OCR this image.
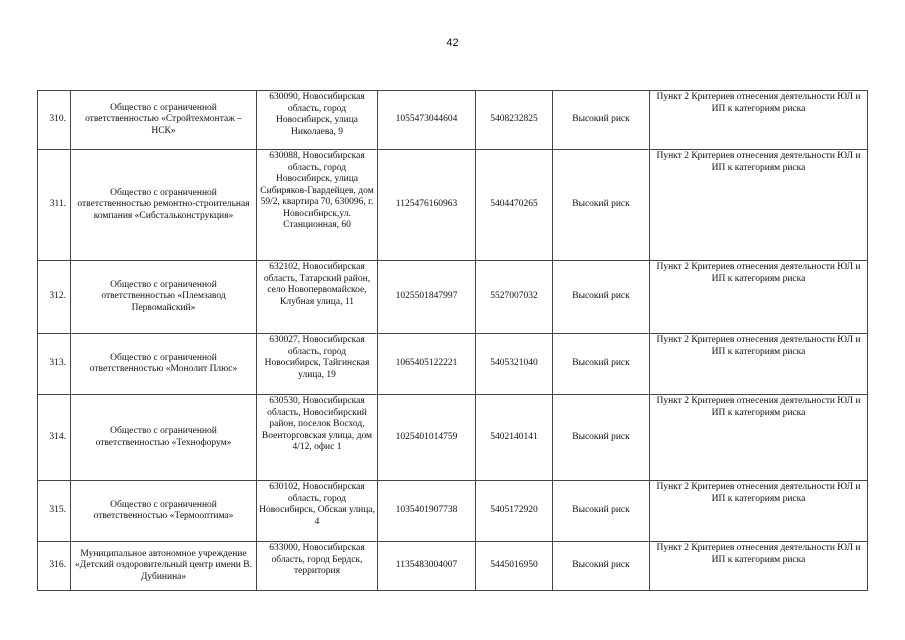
42
310.	Общество с ограниченной ответственностью «Стройтехмонтаж – НСК»	630090, Новосибирская область, город Новосибирск, улица Николаева, 9	1055473044604	5408232825	Высокий риск	Пункт 2 Критериев отнесения деятельности ЮЛ и ИП к категориям риска
311.	Общество с ограниченной ответственностью ремонтно-строительная компания «Сибстальконструкция»	630088, Новосибирская область, город Новосибирск, улица Сибиряков-Гвардейцев, дом 59/2, квартира 70, 630096, г. Новосибирск,ул. Станционная, 60	1125476160963	5404470265	Высокий риск	Пункт 2 Критериев отнесения деятельности ЮЛ и ИП к категориям риска
312.	Общество с ограниченной ответственностью «Племзавод Первомайский»	632102, Новосибирская область, Татарский район, село Новопервомайское, Клубная улица, 11	1025501847997	5527007032	Высокий риск	Пункт 2 Критериев отнесения деятельности ЮЛ и ИП к категориям риска
313.	Общество с ограниченной ответственностью «Монолит Плюс»	630027, Новосибирская область, город Новосибирск, Тайгинская улица, 19	1065405122221	5405321040	Высокий риск	Пункт 2 Критериев отнесения деятельности ЮЛ и ИП к категориям риска
314.	Общество с ограниченной ответственностью «Технофорум»	630530, Новосибирская область, Новосибирский район, поселок Восход, Военторговская улица, дом 4/12, офис 1	1025401014759	5402140141	Высокий риск	Пункт 2 Критериев отнесения деятельности ЮЛ и ИП к категориям риска
315.	Общество с ограниченной ответственностью «Термооптима»	630102, Новосибирская область, город Новосибирск, Обская улица, 4	1035401907738	5405172920	Высокий риск	Пункт 2 Критериев отнесения деятельности ЮЛ и ИП к категориям риска
316.	Муниципальное автономное учреждение «Детский оздоровительный центр имени В. Дубинина»	633000, Новосибирская область, город Бердск, территория	1135483004007	5445016950	Высокий риск	Пункт 2 Критериев отнесения деятельности ЮЛ и ИП к категориям риска
